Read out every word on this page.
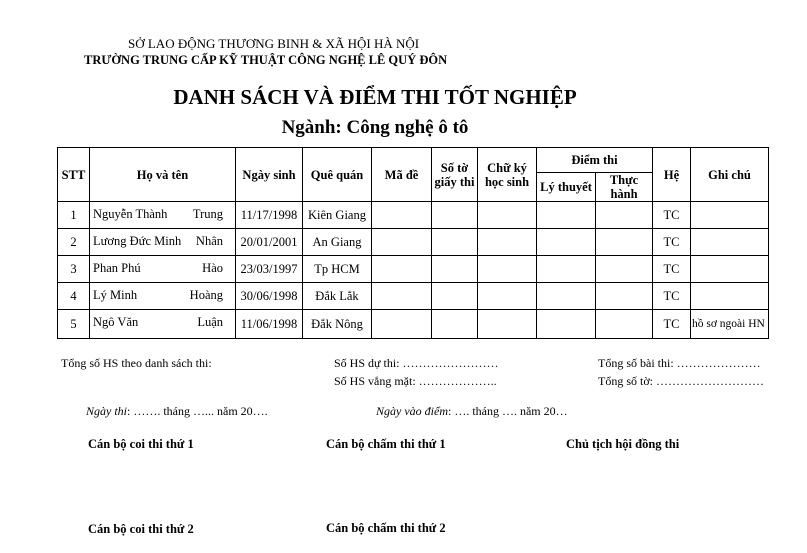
SỞ LAO ĐỘNG THƯƠNG BINH & XÃ HỘI HÀ NỘI
TRƯỜNG TRUNG CẤP KỸ THUẬT CÔNG NGHỆ LÊ QUÝ ĐÔN
DANH SÁCH VÀ ĐIỂM THI TỐT NGHIỆP
Ngành: Công nghệ ô tô
STT	Họ và tên	Ngày sinh	Quê quán	Mã đề	Số tờ
giấy thi	Chữ ký
học sinh	Điểm thi		Hệ	Ghi chú
							Lý thuyết	Thực
hành		
1	Nguyễn Thành Trung	11/17/1998	Kiên Giang						TC	
2	Lương Đức Minh Nhân	20/01/2001	An Giang						TC	
3	Phan Phú Hào	23/03/1997	Tp HCM						TC	
4	Lý Minh Hoàng	30/06/1998	Đắk Lắk						TC	
5	Ngô Văn Luận	11/06/1998	Đắk Nông						TC	hồ sơ ngoài HN
Tổng số HS theo danh sách thi:	Số HS dự thi: ……………………
Số HS vắng mặt: ………………..
Tổng số bài thi: …………………
Tổng số tờ: ………………………
Ngày thi: ……. tháng …... năm 20….	Ngày vào điểm: …. tháng …. năm 20…
Cán bộ coi thi thứ 1	Cán bộ chấm thi thứ 1	Chủ tịch hội đồng thi
Cán bộ coi thi thứ 2	Cán bộ chấm thi thứ 2
